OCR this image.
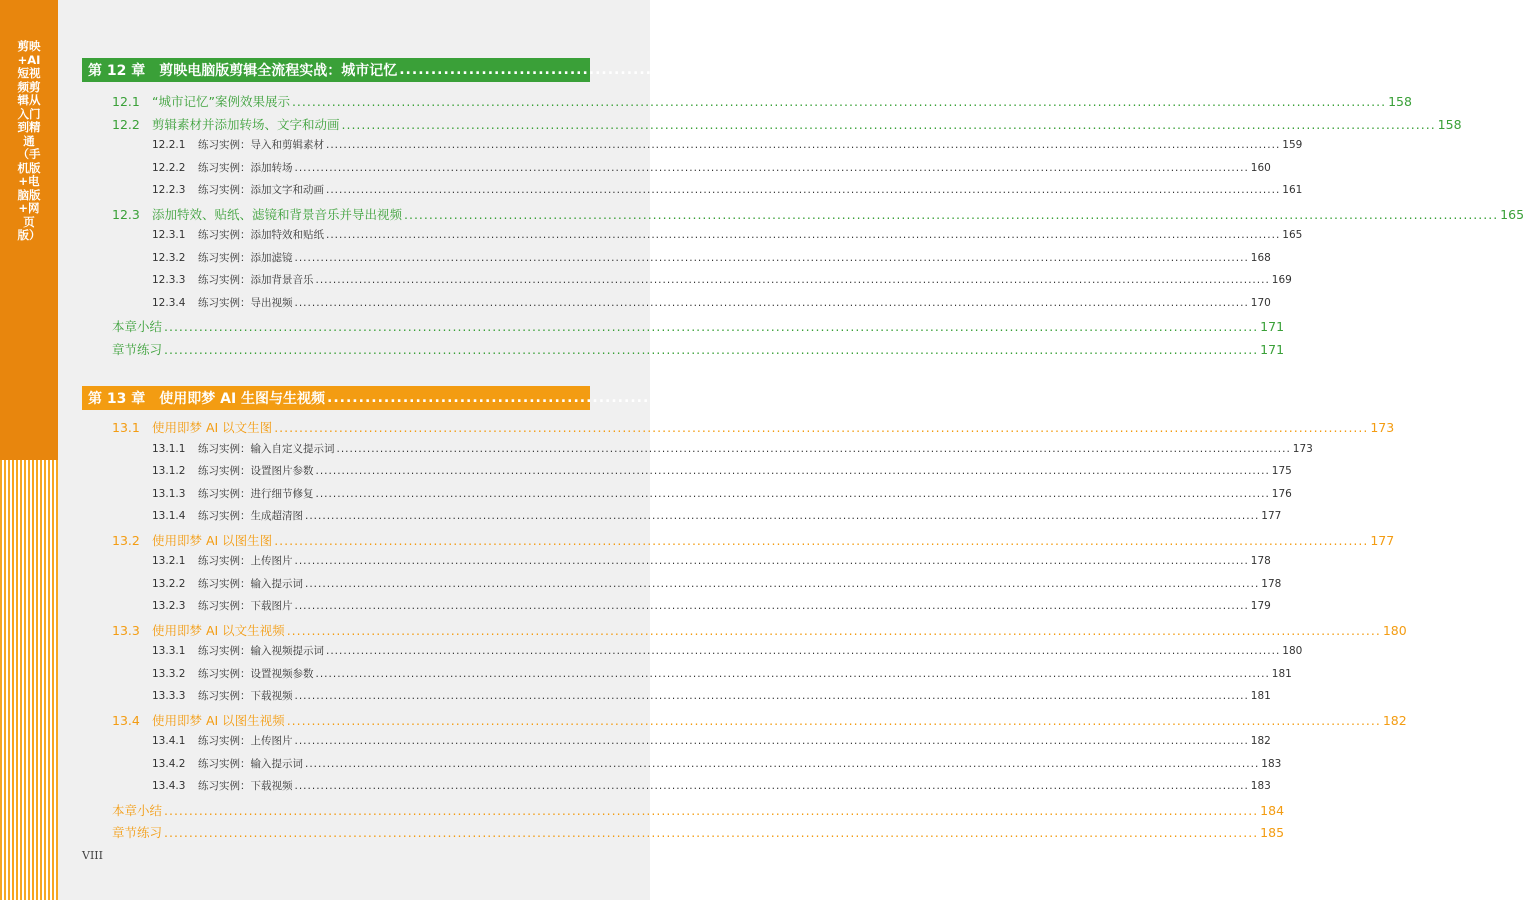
剪映+AI短视频剪辑从入门到精通（手机版+电脑版+网页版）
第 12 章 剪映电脑版剪辑全流程实战：城市记忆 ........................................................................ 157
第 13 章 使用即梦 AI 生图与生视频 ........................................................................ 172
12.1 “城市记忆”案例效果展示 ............................................................................................................................................................................................................................ 158
12.2 剪辑素材并添加转场、文字和动画 ............................................................................................................................................................................................................................ 158
12.2.1 练习实例：导入和剪辑素材 ............................................................................................................................................................................................................................ 159
12.2.2 练习实例：添加转场 ............................................................................................................................................................................................................................ 160
12.2.3 练习实例：添加文字和动画 ............................................................................................................................................................................................................................ 161
12.3 添加特效、贴纸、滤镜和背景音乐并导出视频 ............................................................................................................................................................................................................................ 165
12.3.1 练习实例：添加特效和贴纸 ............................................................................................................................................................................................................................ 165
12.3.2 练习实例：添加滤镜 ............................................................................................................................................................................................................................ 168
12.3.3 练习实例：添加背景音乐 ............................................................................................................................................................................................................................ 169
12.3.4 练习实例：导出视频 ............................................................................................................................................................................................................................ 170
本章小结 ............................................................................................................................................................................................................................ 171
章节练习 ............................................................................................................................................................................................................................ 171
13.1 使用即梦 AI 以文生图 ............................................................................................................................................................................................................................ 173
13.1.1 练习实例：输入自定义提示词 ............................................................................................................................................................................................................................ 173
13.1.2 练习实例：设置图片参数 ............................................................................................................................................................................................................................ 175
13.1.3 练习实例：进行细节修复 ............................................................................................................................................................................................................................ 176
13.1.4 练习实例：生成超清图 ............................................................................................................................................................................................................................ 177
13.2 使用即梦 AI 以图生图 ............................................................................................................................................................................................................................ 177
13.2.1 练习实例：上传图片 ............................................................................................................................................................................................................................ 178
13.2.2 练习实例：输入提示词 ............................................................................................................................................................................................................................ 178
13.2.3 练习实例：下载图片 ............................................................................................................................................................................................................................ 179
13.3 使用即梦 AI 以文生视频 ............................................................................................................................................................................................................................ 180
13.3.1 练习实例：输入视频提示词 ............................................................................................................................................................................................................................ 180
13.3.2 练习实例：设置视频参数 ............................................................................................................................................................................................................................ 181
13.3.3 练习实例：下载视频 ............................................................................................................................................................................................................................ 181
13.4 使用即梦 AI 以图生视频 ............................................................................................................................................................................................................................ 182
13.4.1 练习实例：上传图片 ............................................................................................................................................................................................................................ 182
13.4.2 练习实例：输入提示词 ............................................................................................................................................................................................................................ 183
13.4.3 练习实例：下载视频 ............................................................................................................................................................................................................................ 183
本章小结 ............................................................................................................................................................................................................................ 184
章节练习 ............................................................................................................................................................................................................................ 185
VIII
